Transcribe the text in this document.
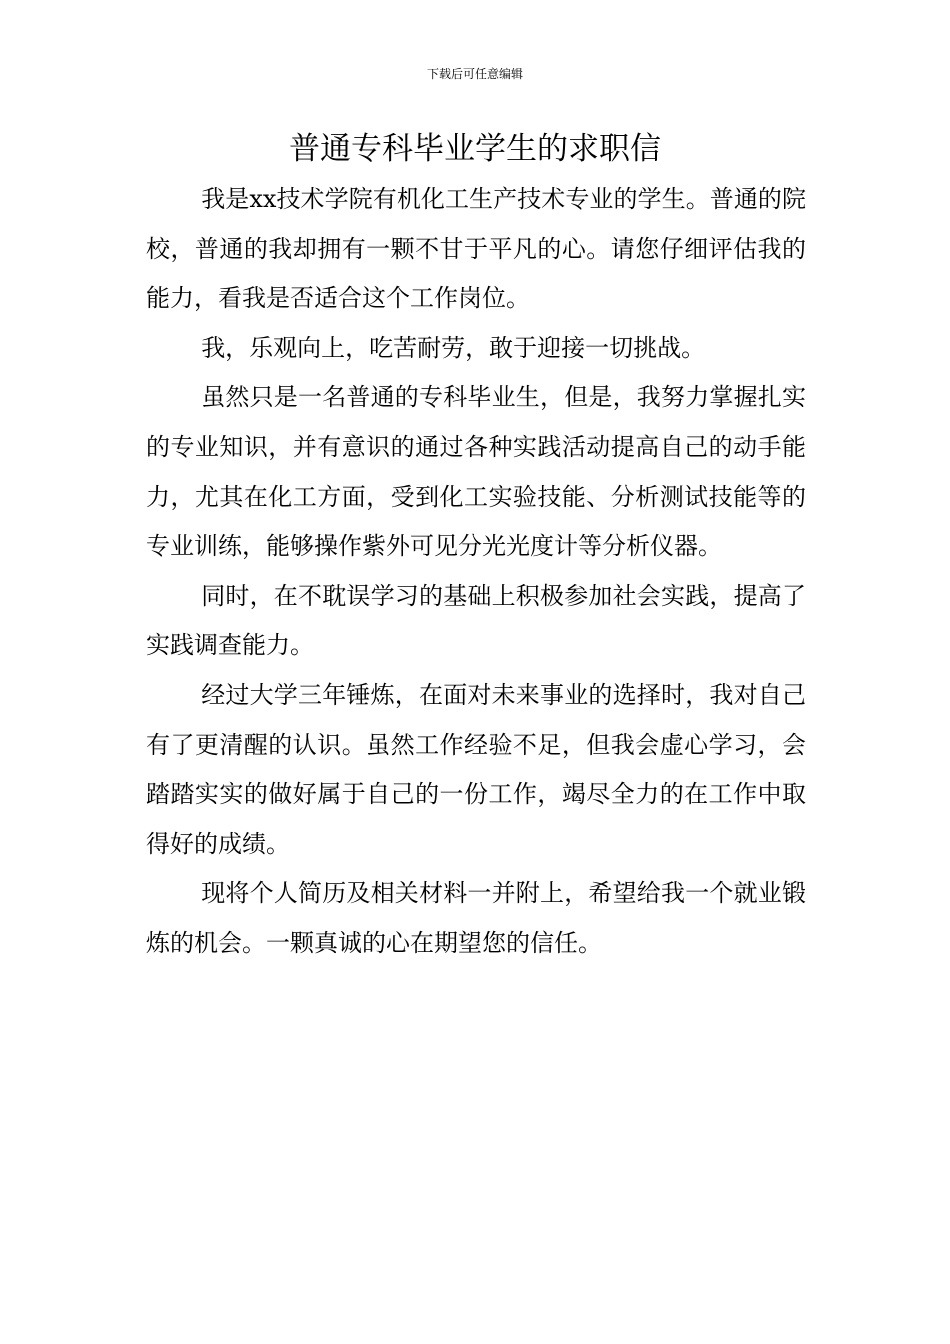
下载后可任意编辑
普通专科毕业学生的求职信

我是xx技术学院有机化工生产技术专业的学生。普通的院校，普通的我却拥有一颗不甘于平凡的心。请您仔细评估我的能力，看我是否适合这个工作岗位。

我，乐观向上，吃苦耐劳，敢于迎接一切挑战。

虽然只是一名普通的专科毕业生，但是，我努力掌握扎实的专业知识，并有意识的通过各种实践活动提高自己的动手能力，尤其在化工方面，受到化工实验技能、分析测试技能等的专业训练，能够操作紫外可见分光光度计等分析仪器。

同时，在不耽误学习的基础上积极参加社会实践，提高了实践调查能力。

经过大学三年锤炼，在面对未来事业的选择时，我对自己有了更清醒的认识。虽然工作经验不足，但我会虚心学习，会踏踏实实的做好属于自己的一份工作，竭尽全力的在工作中取得好的成绩。

现将个人简历及相关材料一并附上，希望给我一个就业锻炼的机会。一颗真诚的心在期望您的信任。
